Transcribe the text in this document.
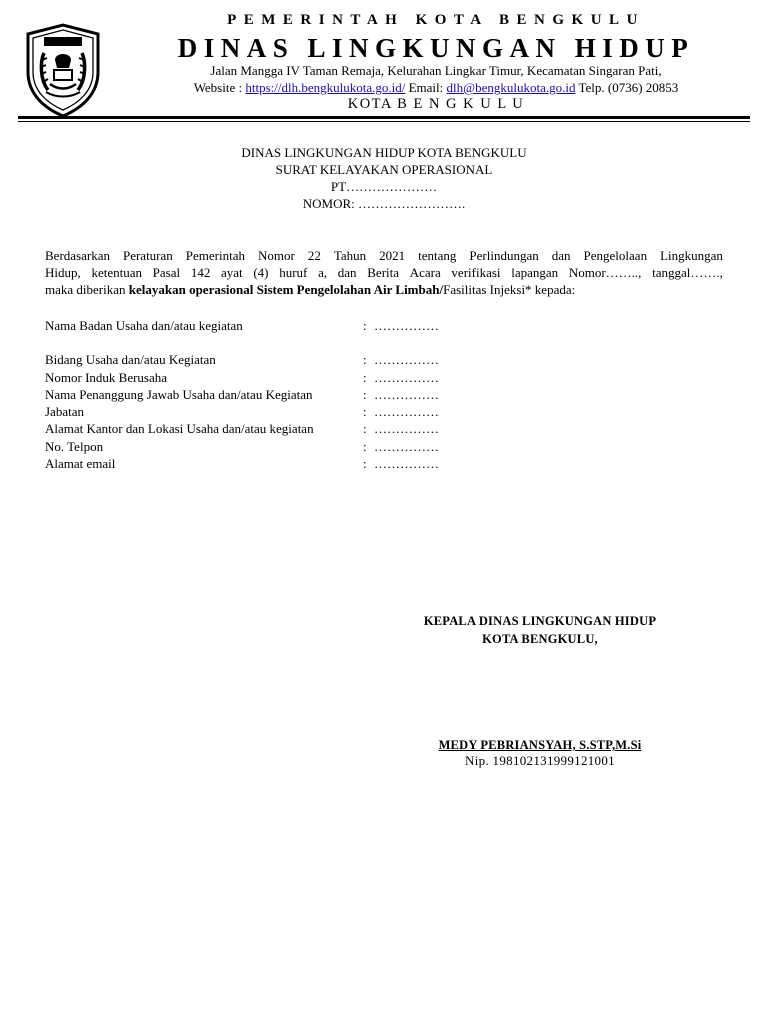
PEMERINTAH KOTA BENGKULU
DINAS LINGKUNGAN HIDUP
Jalan Mangga IV Taman Remaja, Kelurahan Lingkar Timur, Kecamatan Singaran Pati,
Website : https://dlh.bengkulukota.go.id/ Email: dlh@bengkulukota.go.id Telp. (0736) 20853
KOTA B E N G K U L U
DINAS LINGKUNGAN HIDUP KOTA BENGKULU
SURAT KELAYAKAN OPERASIONAL
PT…………………
NOMOR: …………………….
Berdasarkan Peraturan Pemerintah Nomor 22 Tahun 2021 tentang Perlindungan dan Pengelolaan Lingkungan
Hidup, ketentuan Pasal 142 ayat (4) huruf a, dan Berita Acara verifikasi lapangan Nomor…….., tanggal…….,
maka diberikan kelayakan operasional Sistem Pengelolahan Air Limbah/Fasilitas Injeksi* kepada:
Nama Badan Usaha dan/atau kegiatan	: ……………
Bidang Usaha dan/atau Kegiatan	: ……………
Nomor Induk Berusaha	: ……………
Nama Penanggung Jawab Usaha dan/atau Kegiatan	: ……………
Jabatan	: ……………
Alamat Kantor dan Lokasi Usaha dan/atau kegiatan	: ……………
No. Telpon	: ……………
Alamat email	: ……………
KEPALA DINAS LINGKUNGAN HIDUP
KOTA BENGKULU,
MEDY PEBRIANSYAH, S.STP,M.Si
Nip. 198102131999121001
